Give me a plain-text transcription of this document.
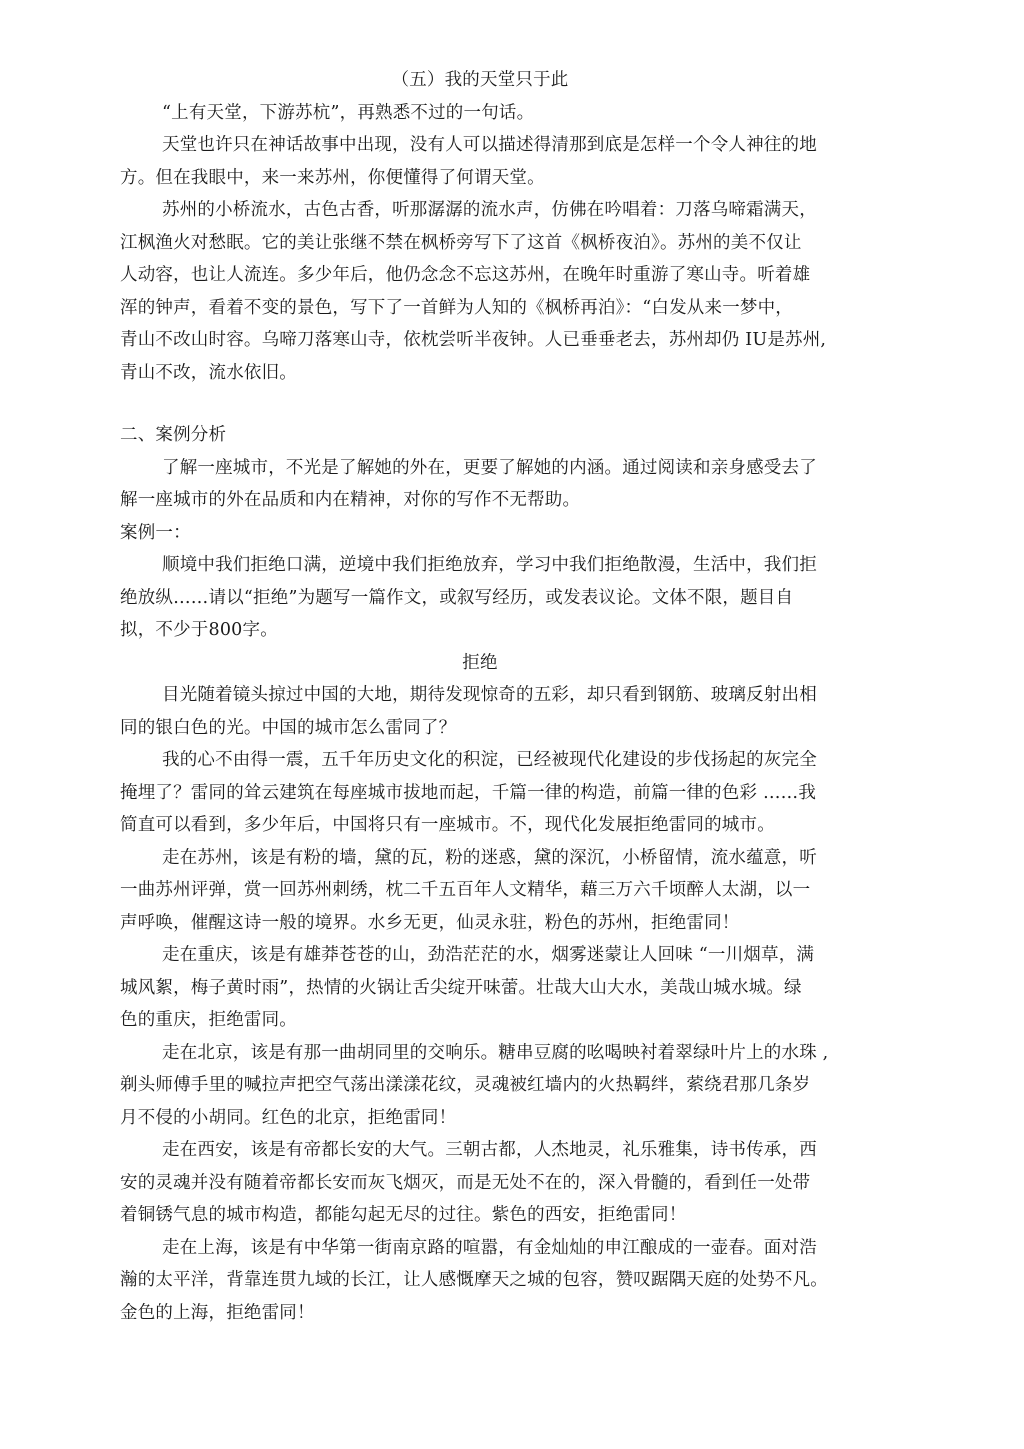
（五）我的天堂只于此
“上有天堂，下游苏杭”，再熟悉不过的一句话。
天堂也许只在神话故事中出现，没有人可以描述得清那到底是怎样一个令人神往的地
方。但在我眼中，来一来苏州，你便懂得了何谓天堂。
苏州的小桥流水，古色古香，听那潺潺的流水声，仿佛在吟唱着：刀落乌啼霜满天，
江枫渔火对愁眠。它的美让张继不禁在枫桥旁写下了这首《枫桥夜泊》。苏州的美不仅让
人动容，也让人流连。多少年后，他仍念念不忘这苏州，在晚年时重游了寒山寺。听着雄
浑的钟声，看着不变的景色，写下了一首鲜为人知的《枫桥再泊》：“白发从来一梦中，
青山不改山时容。乌啼刀落寒山寺，依枕尝听半夜钟。人已垂垂老去，苏州却仍 IU是苏州,
青山不改，流水依旧。
二、案例分析
了解一座城市，不光是了解她的外在，更要了解她的内涵。通过阅读和亲身感受去了
解一座城市的外在品质和内在精神，对你的写作不无帮助。
案例一：
顺境中我们拒绝口满，逆境中我们拒绝放弃，学习中我们拒绝散漫，生活中，我们拒
绝放纵……请以“拒绝”为题写一篇作文，或叙写经历，或发表议论。文体不限，题目自
拟，不少于800字。
拒绝
目光随着镜头掠过中国的大地，期待发现惊奇的五彩，却只看到钢筋、玻璃反射出相
同的银白色的光。中国的城市怎么雷同了？
我的心不由得一震，五千年历史文化的积淀，已经被现代化建设的步伐扬起的灰完全
掩埋了？雷同的耸云建筑在每座城市拔地而起，千篇一律的构造，前篇一律的色彩 ……我
简直可以看到，多少年后，中国将只有一座城市。不，现代化发展拒绝雷同的城市。
走在苏州，该是有粉的墙，黛的瓦，粉的迷惑，黛的深沉，小桥留情，流水蕴意，听
一曲苏州评弹，赏一回苏州刺绣，枕二千五百年人文精华，藉三万六千顷醉人太湖，以一
声呼唤，催醒这诗一般的境界。水乡无更，仙灵永驻，粉色的苏州，拒绝雷同！
走在重庆，该是有雄莽苍苍的山，劲浩茫茫的水，烟雾迷蒙让人回味 “一川烟草，满
城风絮，梅子黄时雨”，热情的火锅让舌尖绽开味蕾。壮哉大山大水，美哉山城水城。绿
色的重庆，拒绝雷同。
走在北京，该是有那一曲胡同里的交响乐。糖串豆腐的吆喝映衬着翠绿叶片上的水珠 ,
剃头师傅手里的喊拉声把空气荡出漾漾花纹，灵魂被红墙内的火热羁绊，萦绕君那几条岁
月不侵的小胡同。红色的北京，拒绝雷同！
走在西安，该是有帝都长安的大气。三朝古都，人杰地灵，礼乐雅集，诗书传承，西
安的灵魂并没有随着帝都长安而灰飞烟灭，而是无处不在的，深入骨髓的，看到任一处带
着铜锈气息的城市构造，都能勾起无尽的过往。紫色的西安，拒绝雷同！
走在上海，该是有中华第一街南京路的喧嚣，有金灿灿的申江酿成的一壶春。面对浩
瀚的太平洋，背靠连贯九域的长江，让人感慨摩天之城的包容，赞叹踞隅天庭的处势不凡。
金色的上海，拒绝雷同！
